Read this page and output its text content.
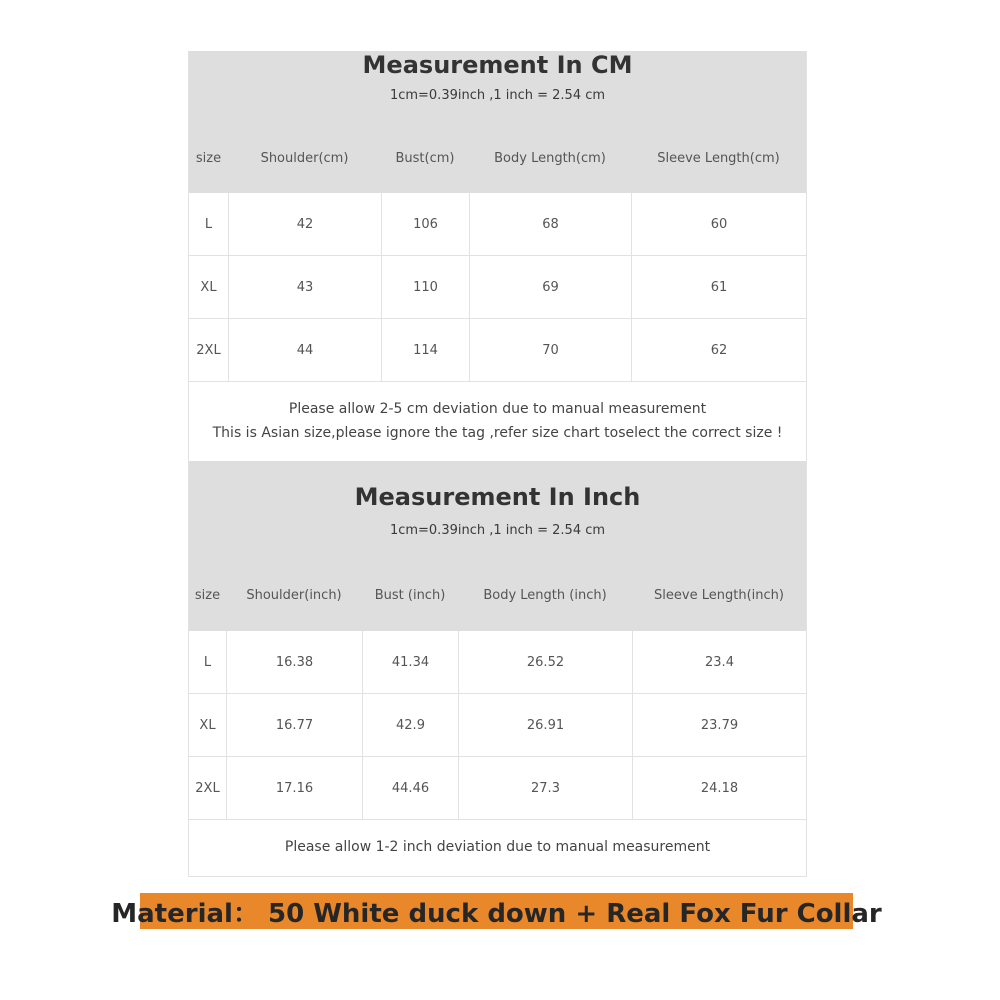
Measurement In CM
1cm=0.39inch ,1 inch = 2.54 cm
size	Shoulder(cm)	Bust(cm)	Body Length(cm)	Sleeve Length(cm)
L	42	106	68	60
XL	43	110	69	61
2XL	44	114	70	62
Please allow 2-5 cm deviation due to manual measurement
This is Asian size,please ignore the tag ,refer size chart toselect the correct size !
Measurement In Inch
1cm=0.39inch ,1 inch = 2.54 cm
size	Shoulder(inch)	Bust (inch)	Body Length (inch)	Sleeve Length(inch)
L	16.38	41.34	26.52	23.4
XL	16.77	42.9	26.91	23.79
2XL	17.16	44.46	27.3	24.18
Please allow 1-2 inch deviation due to manual measurement
Material： 50 White duck down + Real Fox Fur Collar
